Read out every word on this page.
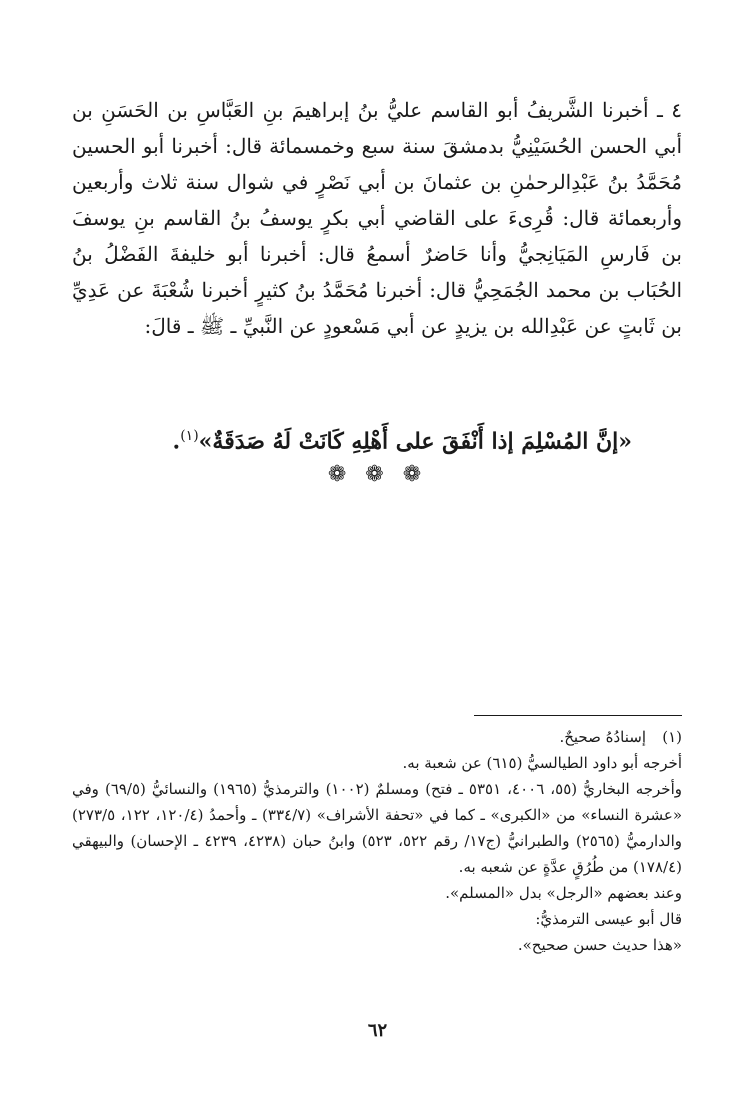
٤ ـ أخبرنا الشَّريفُ أبو القاسم عليُّ بنُ إبراهيمَ بنِ العَبَّاسِ بن الحَسَنِ بن أبي الحسن الحُسَيْنِيُّ بدمشقَ سنة سبع وخمسمائة قال: أخبرنا أبو الحسين مُحَمَّدُ بنُ عَبْدِالرحمٰنِ بن عثمانَ بن أبي نَصْرٍ في شوال سنة ثلاث وأربعين وأربعمائة قال: قُرِىءَ على القاضي أبي بكرٍ يوسفُ بنُ القاسم بنِ يوسفَ بن فَارسِ المَيَانِجيُّ وأنا حَاضرٌ أسمعُ قال: أخبرنا أبو خليفةَ الفَضْلُ بنُ الحُبَاب بن محمد الجُمَحِيُّ قال: أخبرنا مُحَمَّدُ بنُ كثيرٍ أخبرنا شُعْبَةَ عن عَدِيِّ بن ثَابتٍ عن عَبْدِالله بن يزيدٍ عن أبي مَسْعودٍ عن النَّبيِّ ـ ﷺ ـ قالَ:

«إنَّ المُسْلِمَ إذا أَنْفَقَ على أَهْلِهِ كَانَتْ لَهُ صَدَقَةٌ»$^{(١)}$.
❁ ❁ ❁

(١)إسنادُهُ صحيحٌ.

أخرجه أبو داود الطيالسيُّ (٦١٥) عن شعبة به.

وأخرجه البخاريُّ (٥٥، ٤٠٠٦، ٥٣٥١ ـ فتح) ومسلمٌ (١٠٠٢) والترمذيُّ (١٩٦٥) والنسائيُّ (٦٩/٥) وفي «عشرة النساء» من «الكبرى» ـ كما في «تحفة الأشراف» (٣٣٤/٧) ـ وأحمدُ (١٢٠/٤، ١٢٢، ٢٧٣/٥) والدارميُّ (٢٥٦٥) والطبرانيُّ (ج١٧/ رقم ٥٢٢، ٥٢٣) وابنُ حبان (٤٢٣٨، ٤٢٣٩ ـ الإحسان) والبيهقي (١٧٨/٤) من طُرُقٍ عدَّةٍ عن شعبه به.

وعند بعضهم «الرجل» بدل «المسلم».

قال أبو عيسى الترمذيُّ:

«هذا حديث حسن صحيح».

٦٢
